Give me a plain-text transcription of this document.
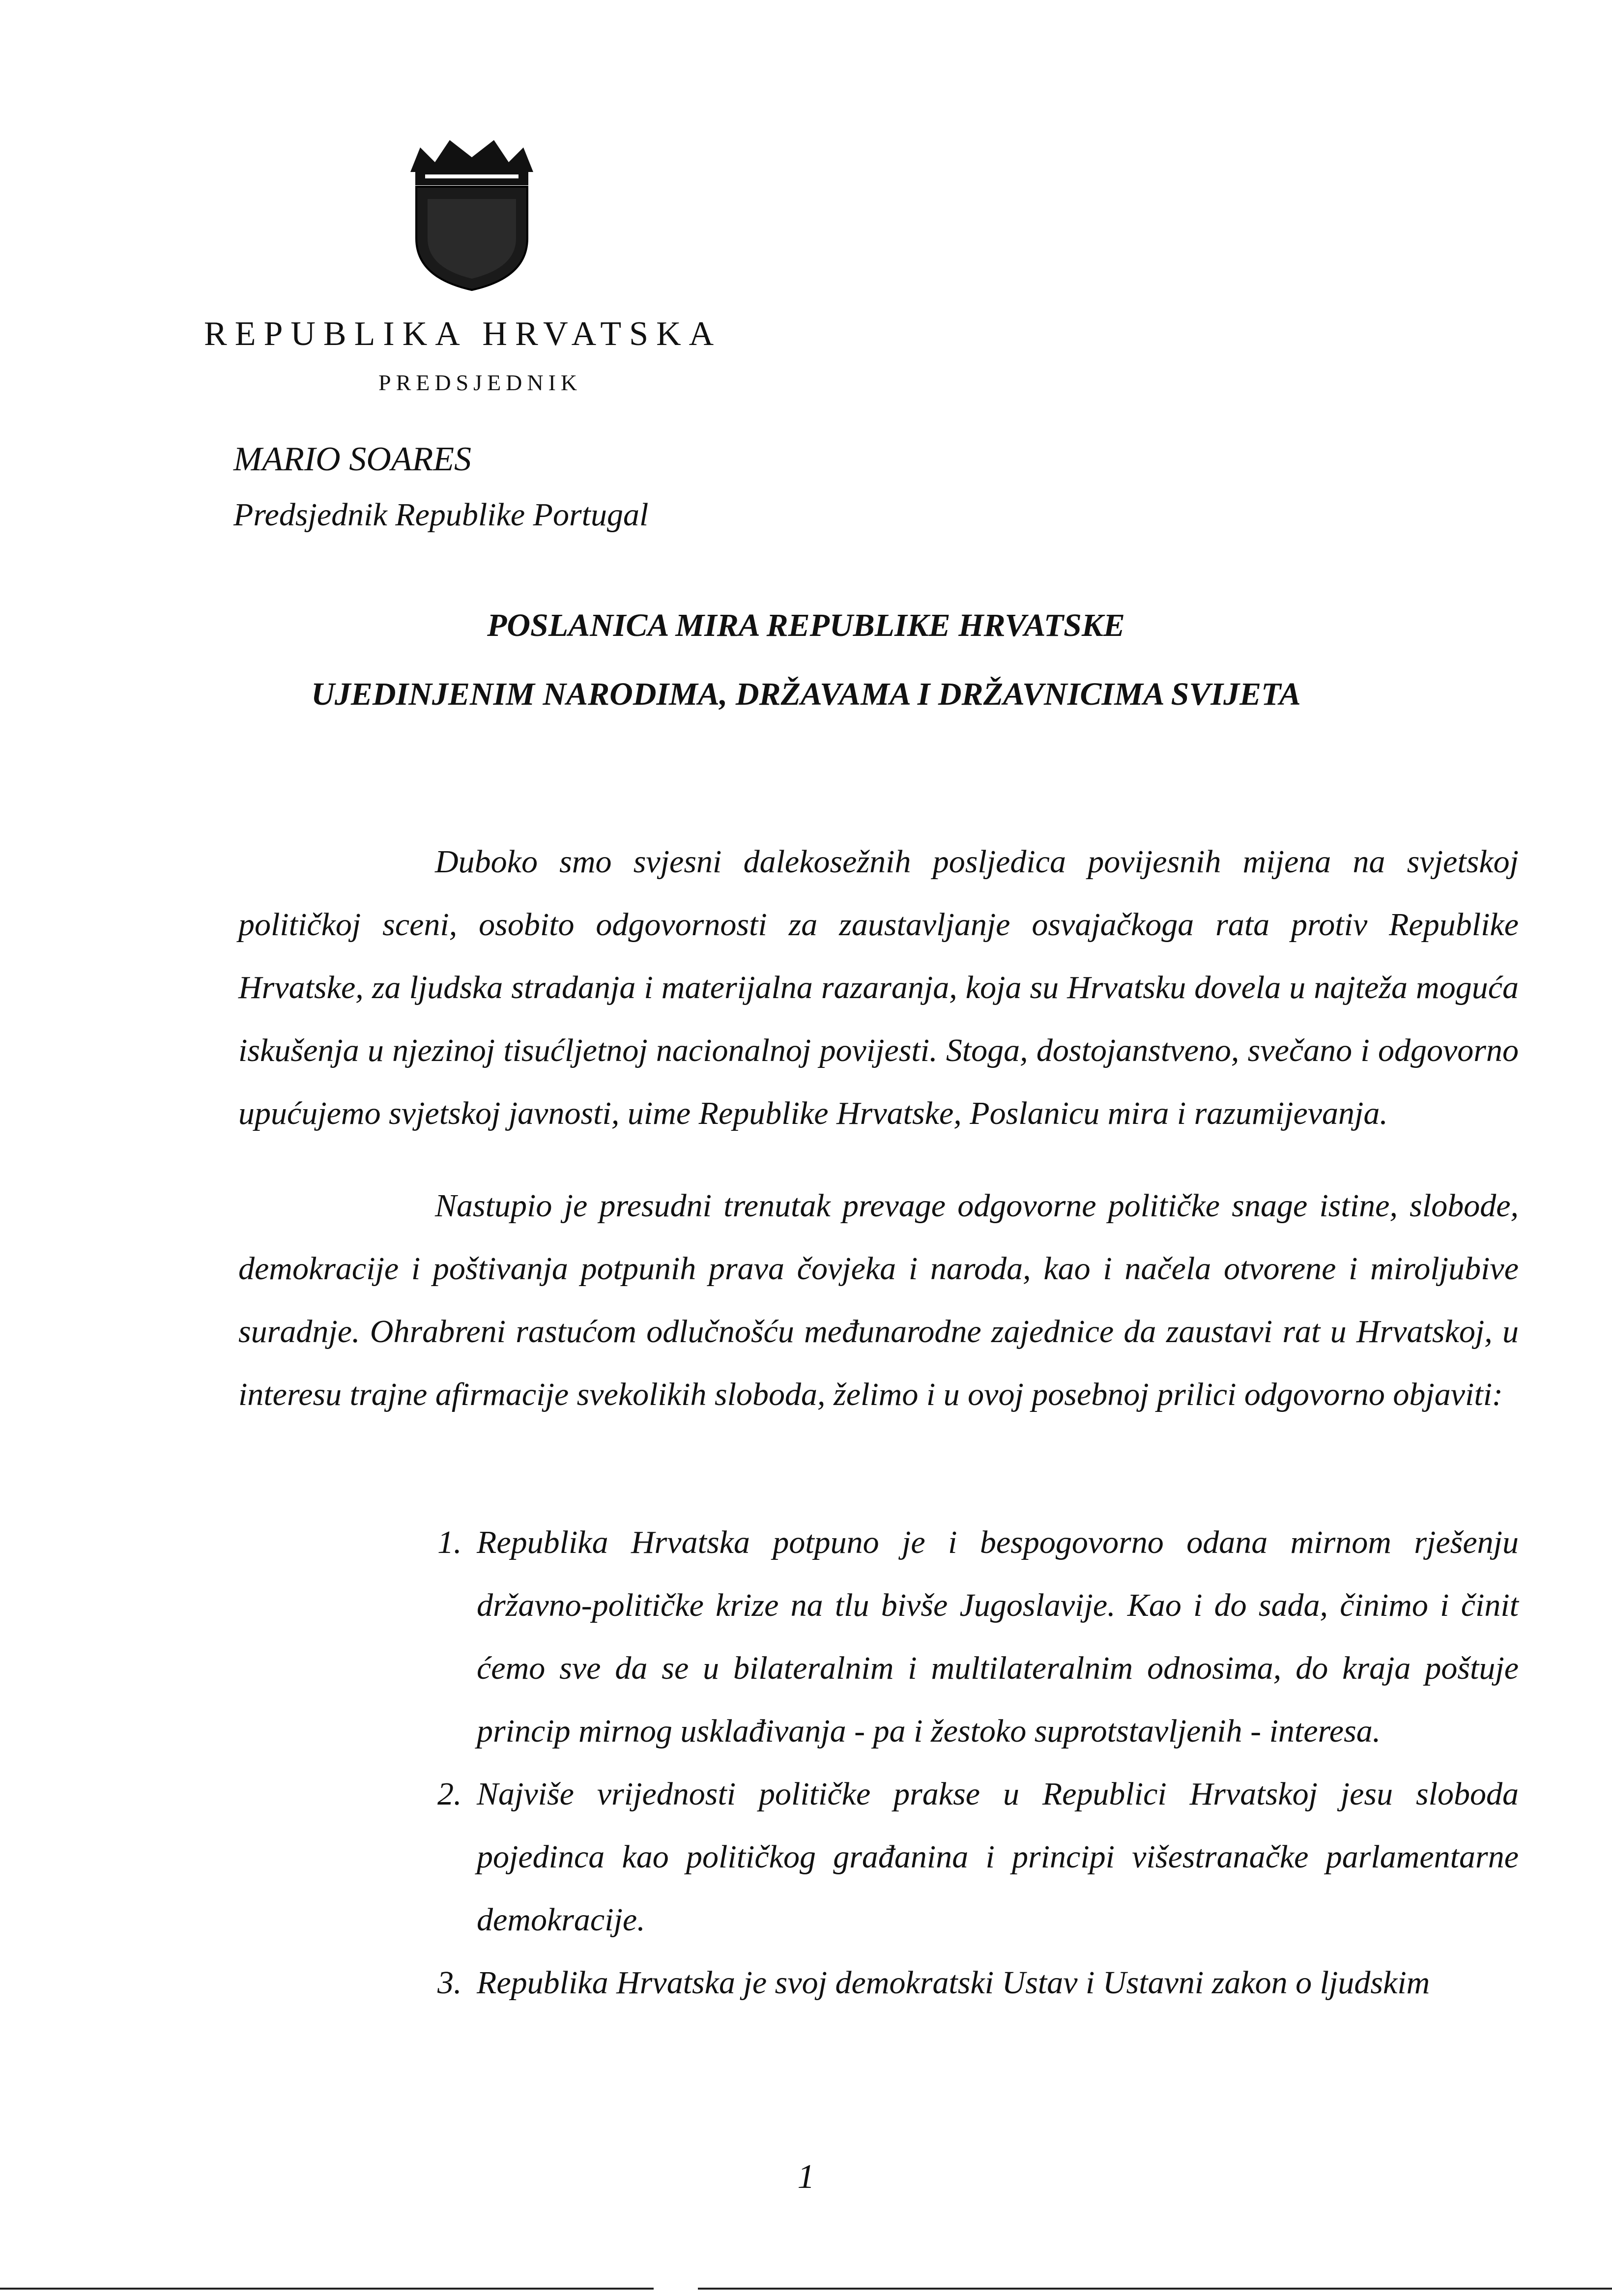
REPUBLIKA HRVATSKA
PREDSJEDNIK
MARIO SOARES
Predsjednik Republike Portugal
POSLANICA MIRA REPUBLIKE HRVATSKE
UJEDINJENIM NARODIMA, DRŽAVAMA I DRŽAVNICIMA SVIJETA

Duboko smo svjesni dalekosežnih posljedica povijesnih mijena na svjetskoj političkoj sceni, osobito odgovornosti za zaustavljanje osvajačkoga rata protiv Republike Hrvatske, za ljudska stradanja i materijalna razaranja, koja su Hrvatsku dovela u najteža moguća iskušenja u njezinoj tisućljetnoj nacionalnoj povijesti. Stoga, dostojanstveno, svečano i odgovorno upućujemo svjetskoj javnosti, uime Republike Hrvatske, Poslanicu mira i razumijevanja.

Nastupio je presudni trenutak prevage odgovorne političke snage istine, slobode, demokracije i poštivanja potpunih prava čovjeka i naroda, kao i načela otvorene i miroljubive suradnje. Ohrabreni rastućom odlučnošću međunarodne zajednice da zaustavi rat u Hrvatskoj, u interesu trajne afirmacije svekolikih sloboda, želimo i u ovoj posebnoj prilici odgovorno objaviti:

1. Republika Hrvatska potpuno je i bespogovorno odana mirnom rješenju državno-političke krize na tlu bivše Jugoslavije. Kao i do sada, činimo i činit ćemo sve da se u bilateralnim i multilateralnim odnosima, do kraja poštuje princip mirnog usklađivanja - pa i žestoko suprotstavljenih - interesa.
2. Najviše vrijednosti političke prakse u Republici Hrvatskoj jesu sloboda pojedinca kao političkog građanina i principi višestranačke parlamentarne demokracije.
3. Republika Hrvatska je svoj demokratski Ustav i Ustavni zakon o ljudskim
1
